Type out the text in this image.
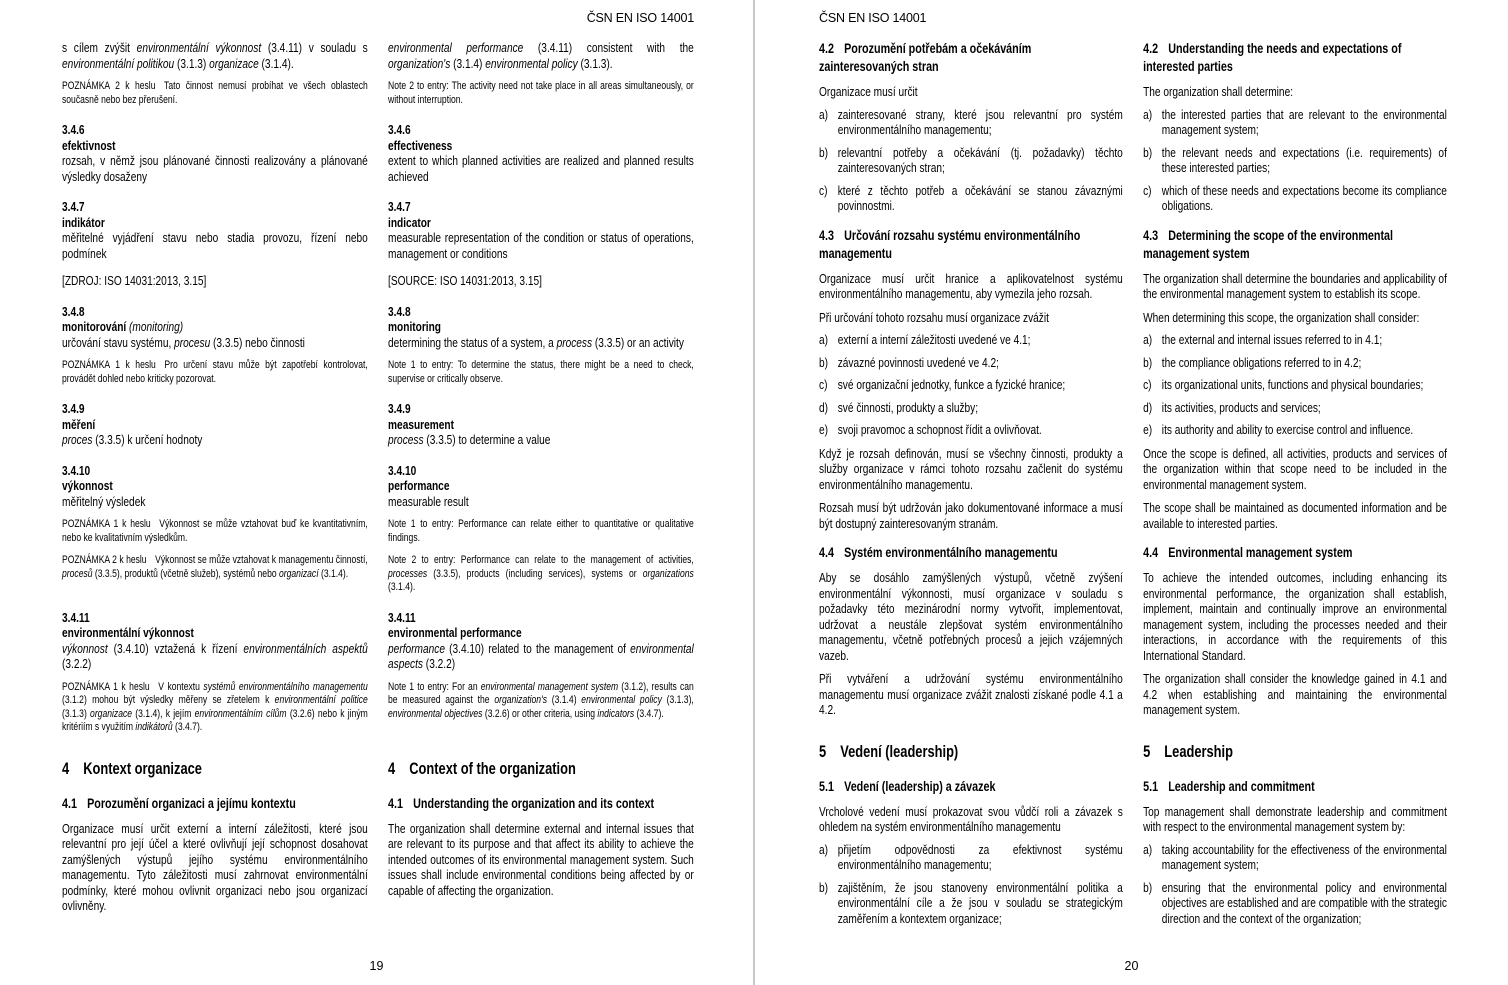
ČSN EN ISO 14001
s cílem zvýšit environmentální výkonnost (3.4.11) v souladu s environmentální politikou (3.1.3) organizace (3.1.4).
environmental performance (3.4.11) consistent with the organization's (3.1.4) environmental policy (3.1.3).
POZNÁMKA 2 k heslu Tato činnost nemusí probíhat ve všech oblastech současně nebo bez přerušení.
Note 2 to entry: The activity need not take place in all areas simultaneously, or without interruption.
3.4.6
efektivnost
rozsah, v němž jsou plánované činnosti realizovány a plánované výsledky dosaženy
3.4.6
effectiveness
extent to which planned activities are realized and planned results achieved
3.4.7
indikátor
měřitelné vyjádření stavu nebo stadia provozu, řízení nebo podmínek
3.4.7
indicator
measurable representation of the condition or status of operations, management or conditions
[ZDROJ: ISO 14031:2013, 3.15]	[SOURCE: ISO 14031:2013, 3.15]
3.4.8
monitorování (monitoring)
určování stavu systému, procesu (3.3.5) nebo činnosti
3.4.8
monitoring
determining the status of a system, a process (3.3.5) or an activity
POZNÁMKA 1 k heslu Pro určení stavu může být zapotřebí kontrolovat, provádět dohled nebo kriticky pozorovat.
Note 1 to entry: To determine the status, there might be a need to check, supervise or critically observe.
3.4.9
měření
proces (3.3.5) k určení hodnoty
3.4.9
measurement
process (3.3.5) to determine a value
3.4.10
výkonnost
měřitelný výsledek
3.4.10
performance
measurable result
POZNÁMKA 1 k heslu Výkonnost se může vztahovat buď ke kvantitativním, nebo ke kvalitativním výsledkům.
Note 1 to entry: Performance can relate either to quantitative or qualitative findings.
POZNÁMKA 2 k heslu Výkonnost se může vztahovat k managementu činností, procesů (3.3.5), produktů (včetně služeb), systémů nebo organizací (3.1.4).
Note 2 to entry: Performance can relate to the management of activities, processes (3.3.5), products (including services), systems or organizations (3.1.4).
3.4.11
environmentální výkonnost
výkonnost (3.4.10) vztažená k řízení environmentálních aspektů (3.2.2)
3.4.11
environmental performance
performance (3.4.10) related to the management of environmental aspects (3.2.2)
POZNÁMKA 1 k heslu V kontextu systémů environmentálního managementu (3.1.2) mohou být výsledky měřeny se zřetelem k environmentální politice (3.1.3) organizace (3.1.4), k jejím environmentálním cílům (3.2.6) nebo k jiným kritériím s využitím indikátorů (3.4.7).
Note 1 to entry: For an environmental management system (3.1.2), results can be measured against the organization's (3.1.4) environmental policy (3.1.3), environmental objectives (3.2.6) or other criteria, using indicators (3.4.7).
4 Kontext organizace	4 Context of the organization
4.1 Porozumění organizaci a jejímu kontextu	4.1 Understanding the organization and its context
Organizace musí určit externí a interní záležitosti, které jsou relevantní pro její účel a které ovlivňují její schopnost dosahovat zamýšlených výstupů jejího systému environmentálního managementu. Tyto záležitosti musí zahrnovat environmentální podmínky, které mohou ovlivnit organizaci nebo jsou organizací ovlivněny.
The organization shall determine external and internal issues that are relevant to its purpose and that affect its ability to achieve the intended outcomes of its environmental management system. Such issues shall include environmental conditions being affected by or capable of affecting the organization.
19
ČSN EN ISO 14001
4.2 Porozumění potřebám a očekáváním zainteresovaných stran
4.2 Understanding the needs and expectations of interested parties
Organizace musí určit	The organization shall determine:
a) zainteresované strany, které jsou relevantní pro systém environmentálního managementu;
a) the interested parties that are relevant to the environmental management system;
b) relevantní potřeby a očekávání (tj. požadavky) těchto zainteresovaných stran;
b) the relevant needs and expectations (i.e. requirements) of these interested parties;
c) které z těchto potřeb a očekávání se stanou závaznými povinnostmi.
c) which of these needs and expectations become its compliance obligations.
4.3 Určování rozsahu systému environmentálního managementu
4.3 Determining the scope of the environmental management system
Organizace musí určit hranice a aplikovatelnost systému environmentálního managementu, aby vymezila jeho rozsah.
The organization shall determine the boundaries and applicability of the environmental management system to establish its scope.
Při určování tohoto rozsahu musí organizace zvážit	When determining this scope, the organization shall consider:
a) externí a interní záležitosti uvedené ve 4.1;	a) the external and internal issues referred to in 4.1;
b) závazné povinnosti uvedené ve 4.2;	b) the compliance obligations referred to in 4.2;
c) své organizační jednotky, funkce a fyzické hranice;	c) its organizational units, functions and physical boundaries;
d) své činnosti, produkty a služby;	d) its activities, products and services;
e) svoji pravomoc a schopnost řídit a ovlivňovat.	e) its authority and ability to exercise control and influence.
Když je rozsah definován, musí se všechny činnosti, produkty a služby organizace v rámci tohoto rozsahu začlenit do systému environmentálního managementu.
Once the scope is defined, all activities, products and services of the organization within that scope need to be included in the environmental management system.
Rozsah musí být udržován jako dokumentované informace a musí být dostupný zainteresovaným stranám.
The scope shall be maintained as documented information and be available to interested parties.
4.4 Systém environmentálního managementu	4.4 Environmental management system
Aby se dosáhlo zamýšlených výstupů, včetně zvýšení environmentální výkonnosti, musí organizace v souladu s požadavky této mezinárodní normy vytvořit, implementovat, udržovat a neustále zlepšovat systém environmentálního managementu, včetně potřebných procesů a jejich vzájemných vazeb.
To achieve the intended outcomes, including enhancing its environmental performance, the organization shall establish, implement, maintain and continually improve an environmental management system, including the processes needed and their interactions, in accordance with the requirements of this International Standard.
Při vytváření a udržování systému environmentálního managementu musí organizace zvážit znalosti získané podle 4.1 a 4.2.
The organization shall consider the knowledge gained in 4.1 and 4.2 when establishing and maintaining the environmental management system.
5 Vedení (leadership)	5 Leadership
5.1 Vedení (leadership) a závazek	5.1 Leadership and commitment
Vrcholové vedení musí prokazovat svou vůdčí roli a závazek s ohledem na systém environmentálního managementu
Top management shall demonstrate leadership and commitment with respect to the environmental management system by:
a) přijetím odpovědnosti za efektivnost systému environmentálního managementu;
a) taking accountability for the effectiveness of the environmental management system;
b) zajištěním, že jsou stanoveny environmentální politika a environmentální cíle a že jsou v souladu se strategickým zaměřením a kontextem organizace;
b) ensuring that the environmental policy and environmental objectives are established and are compatible with the strategic direction and the context of the organization;
20
